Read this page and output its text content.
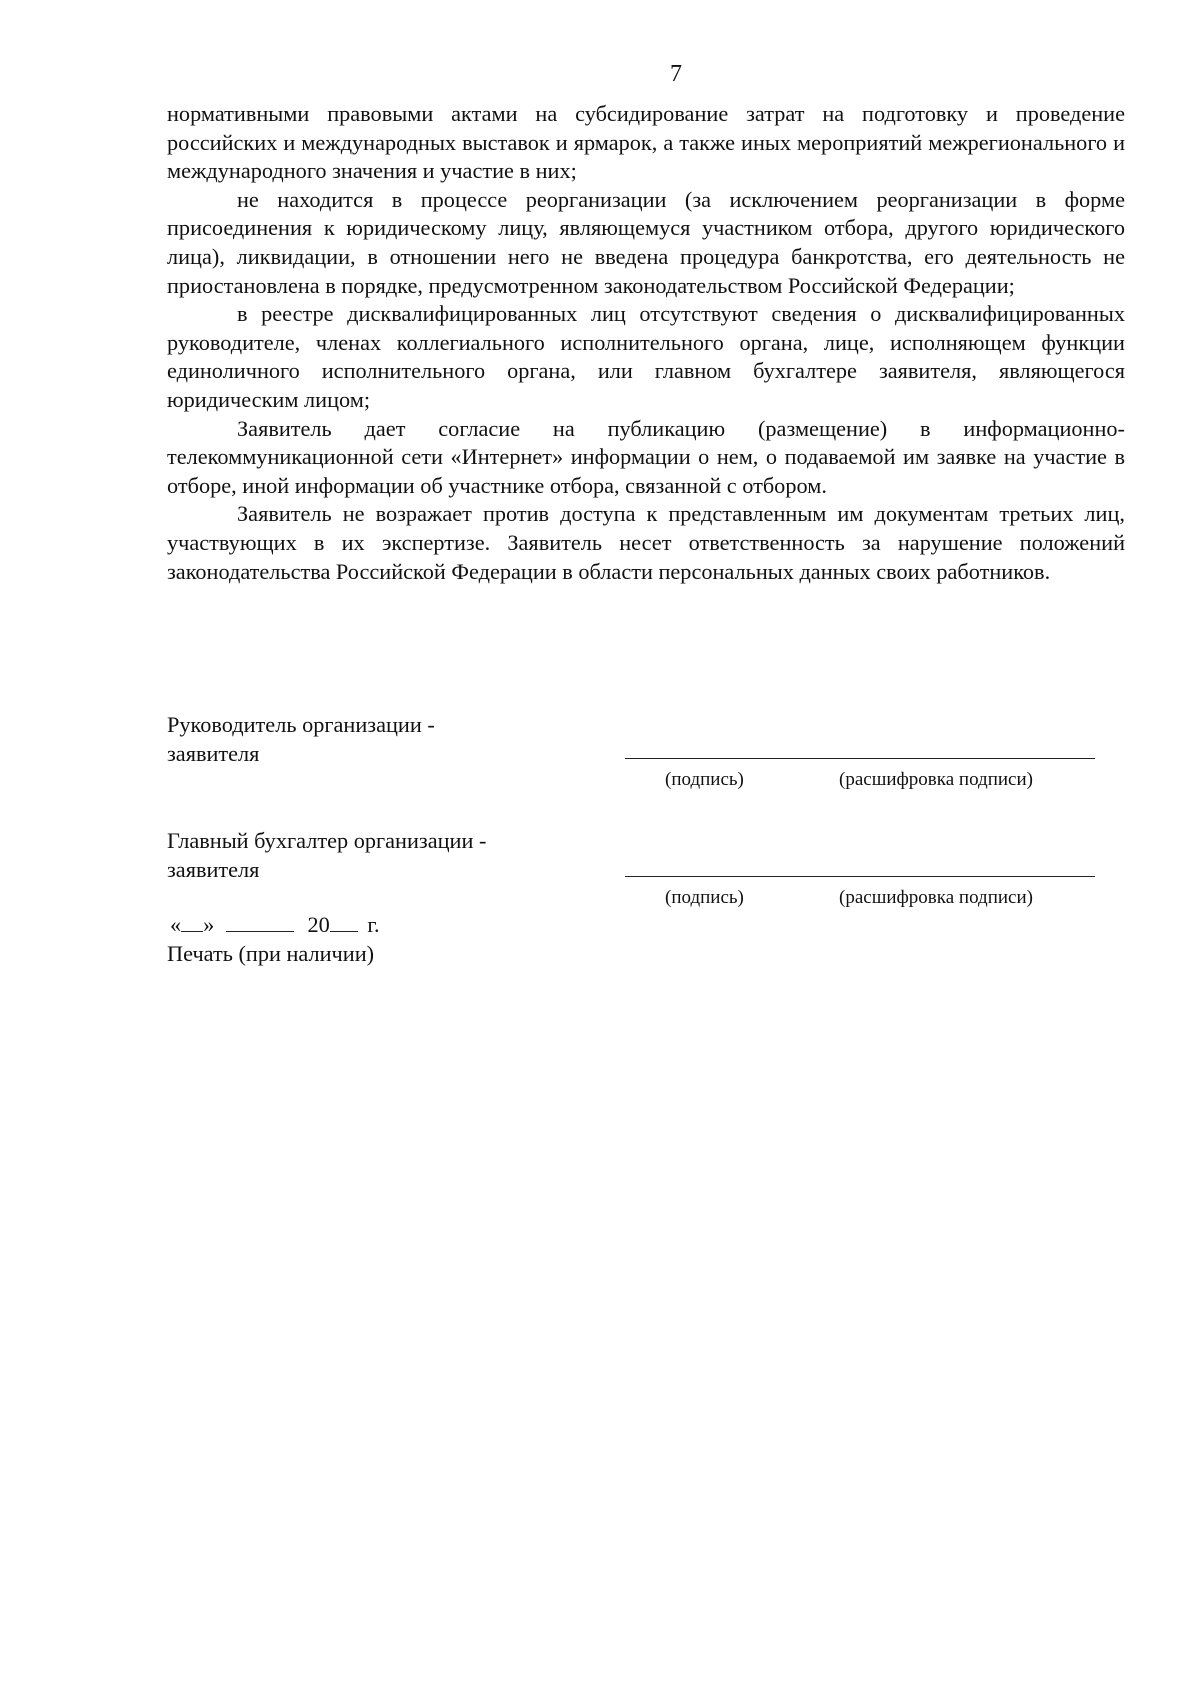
7

нормативными правовыми актами на субсидирование затрат на подготовку и проведение российских и международных выставок и ярмарок, а также иных мероприятий межрегионального и международного значения и участие в них;

не находится в процессе реорганизации (за исключением реорганизации в форме присоединения к юридическому лицу, являющемуся участником отбора, другого юридического лица), ликвидации, в отношении него не введена процедура банкротства, его деятельность не приостановлена в порядке, предусмотренном законодательством Российской Федерации;

в реестре дисквалифицированных лиц отсутствуют сведения о дисквалифицированных руководителе, членах коллегиального исполнительного органа, лице, исполняющем функции единоличного исполнительного органа, или главном бухгалтере заявителя, являющегося юридическим лицом;

Заявитель дает согласие на публикацию (размещение) в информационно-телекоммуникационной сети «Интернет» информации о нем, о подаваемой им заявке на участие в отборе, иной информации об участнике отбора, связанной с отбором.

Заявитель не возражает против доступа к представленным им документам третьих лиц, участвующих в их экспертизе. Заявитель несет ответственность за нарушение положений законодательства Российской Федерации в области персональных данных своих работников.

Руководитель организации -
заявителя
(подпись)	(расшифровка подписи)
Главный бухгалтер организации -
заявителя
(подпись)	(расшифровка подписи)
« »	20 г.
Печать (при наличии)
